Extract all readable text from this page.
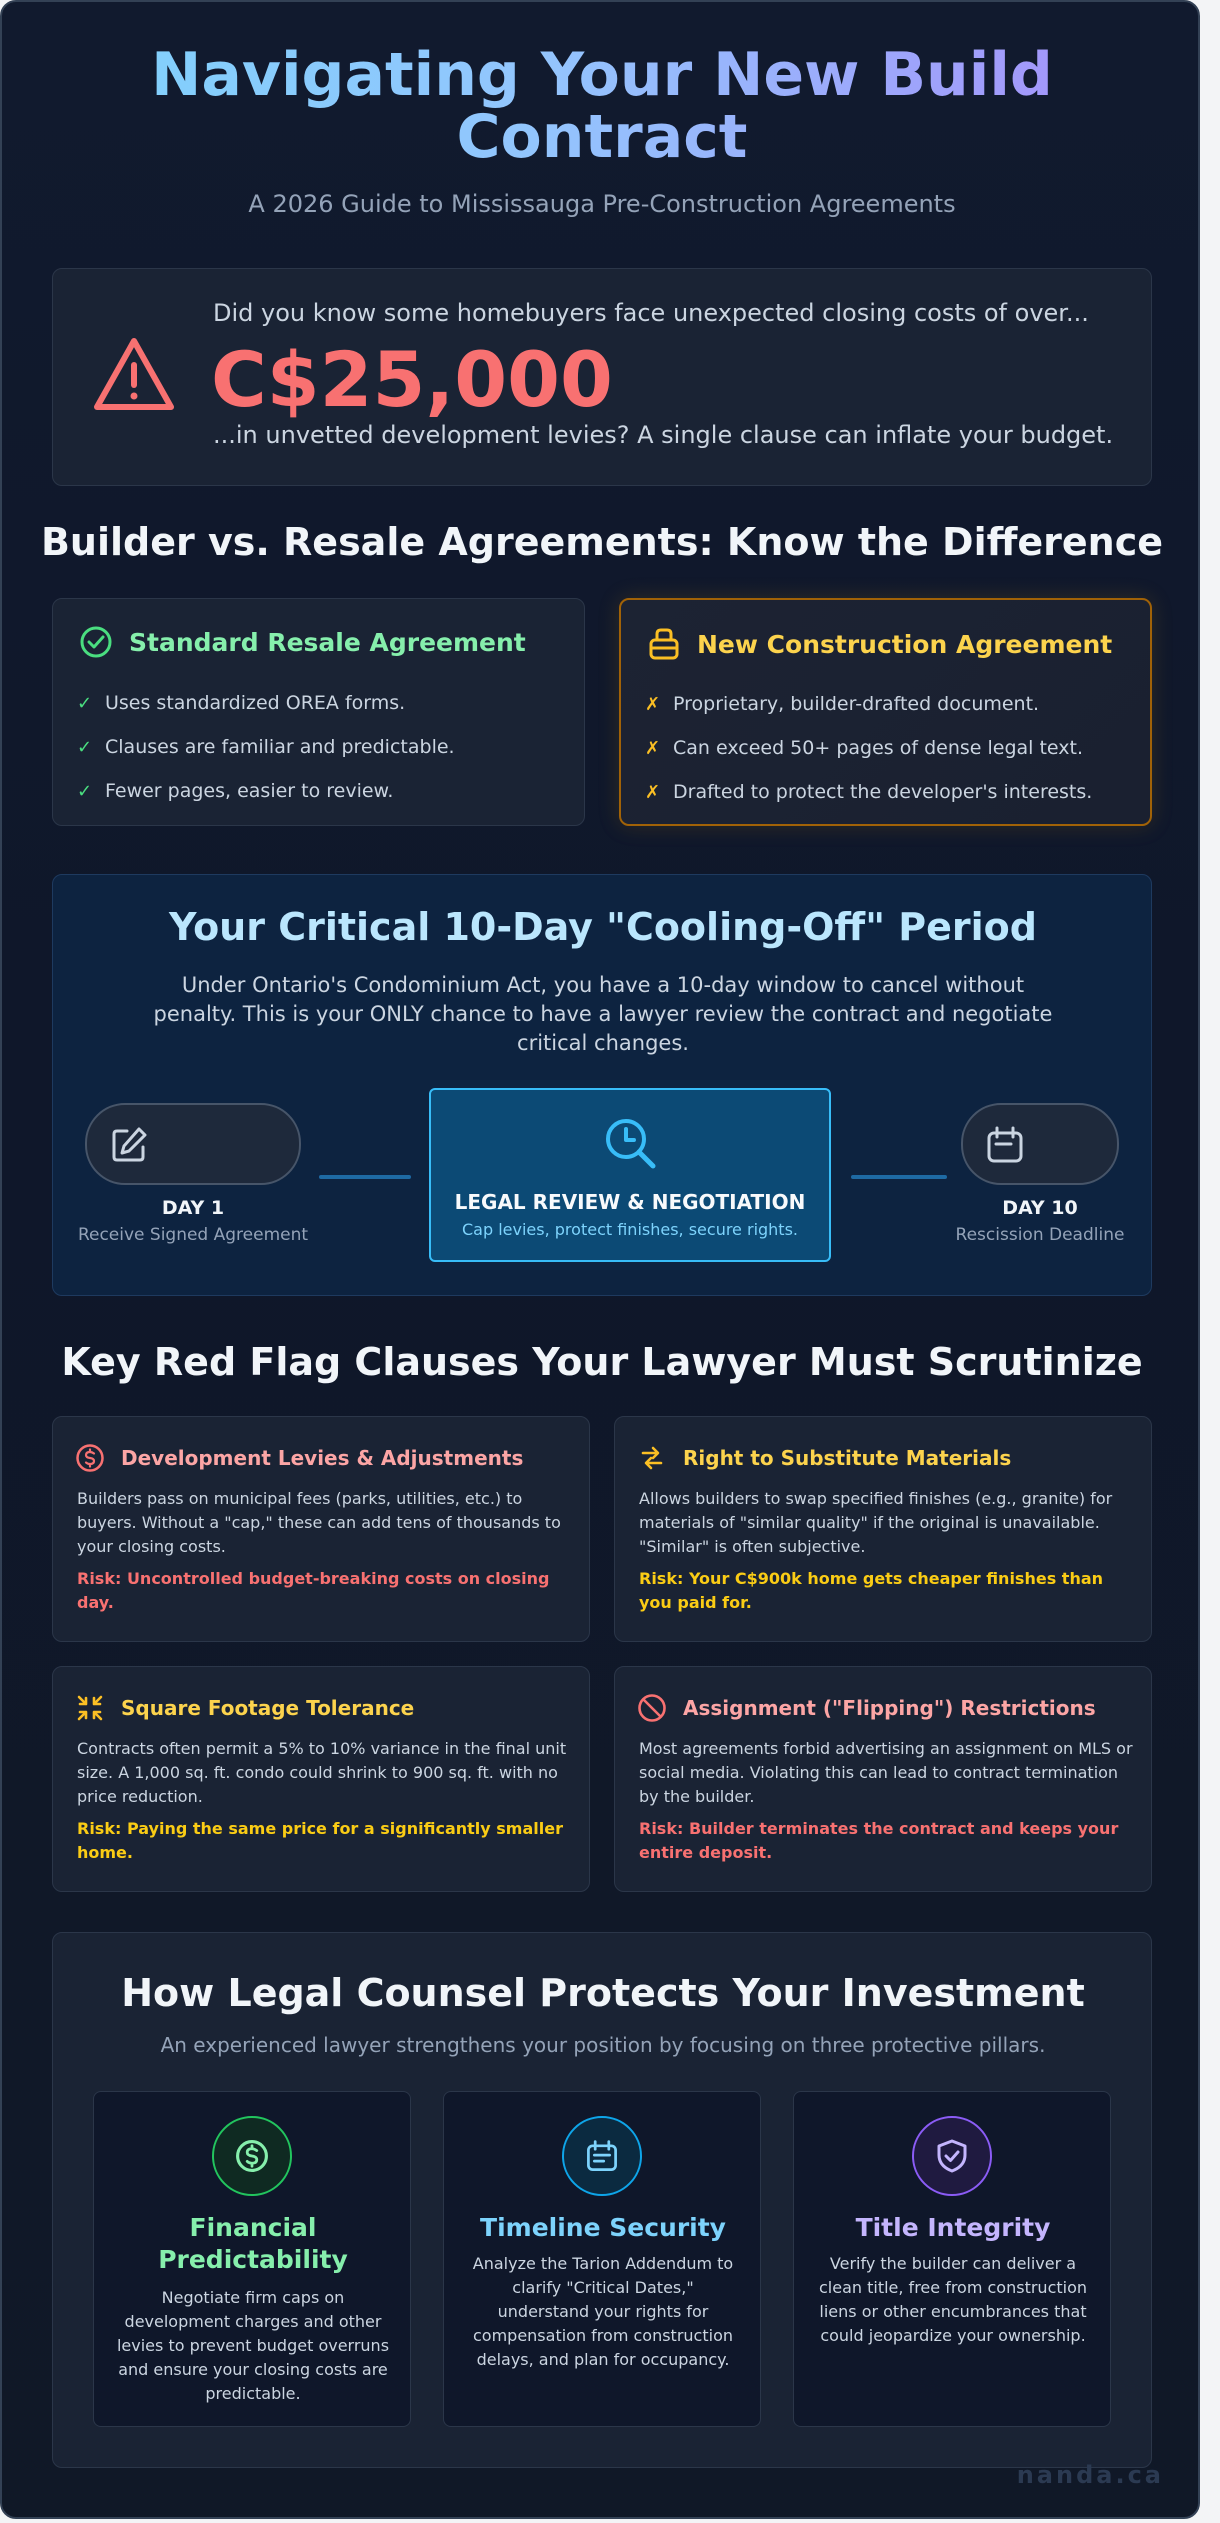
Navigating Your New Build
Contract
A 2026 Guide to Mississauga Pre-Construction Agreements
Did you know some homebuyers face unexpected closing costs of over...
C$25,000
...in unvetted development levies? A single clause can inflate your budget.
Builder vs. Resale Agreements: Know the Difference
Standard Resale Agreement
✓ Uses standardized OREA forms.
✓ Clauses are familiar and predictable.
✓ Fewer pages, easier to review.
New Construction Agreement
✗ Proprietary, builder-drafted document.
✗ Can exceed 50+ pages of dense legal text.
✗ Drafted to protect the developer's interests.
Your Critical 10-Day "Cooling-Off" Period
Under Ontario's Condominium Act, you have a 10-day window to cancel without penalty. This is your ONLY chance to have a lawyer review the contract and negotiate critical changes.
DAY 1
Receive Signed Agreement
LEGAL REVIEW & NEGOTIATION
Cap levies, protect finishes, secure rights.
DAY 10
Rescission Deadline
Key Red Flag Clauses Your Lawyer Must Scrutinize
Development Levies & Adjustments
Builders pass on municipal fees (parks, utilities, etc.) to buyers. Without a "cap," these can add tens of thousands to your closing costs.
Risk: Uncontrolled budget-breaking costs on closing day.
Right to Substitute Materials
Allows builders to swap specified finishes (e.g., granite) for materials of "similar quality" if the original is unavailable. "Similar" is often subjective.
Risk: Your C$900k home gets cheaper finishes than you paid for.
Square Footage Tolerance
Contracts often permit a 5% to 10% variance in the final unit size. A 1,000 sq. ft. condo could shrink to 900 sq. ft. with no price reduction.
Risk: Paying the same price for a significantly smaller home.
Assignment ("Flipping") Restrictions
Most agreements forbid advertising an assignment on MLS or social media. Violating this can lead to contract termination by the builder.
Risk: Builder terminates the contract and keeps your entire deposit.
How Legal Counsel Protects Your Investment
An experienced lawyer strengthens your position by focusing on three protective pillars.
Financial Predictability
Negotiate firm caps on development charges and other levies to prevent budget overruns and ensure your closing costs are predictable.
Timeline Security
Analyze the Tarion Addendum to clarify "Critical Dates," understand your rights for compensation from construction delays, and plan for occupancy.
Title Integrity
Verify the builder can deliver a clean title, free from construction liens or other encumbrances that could jeopardize your ownership.
nanda.ca
